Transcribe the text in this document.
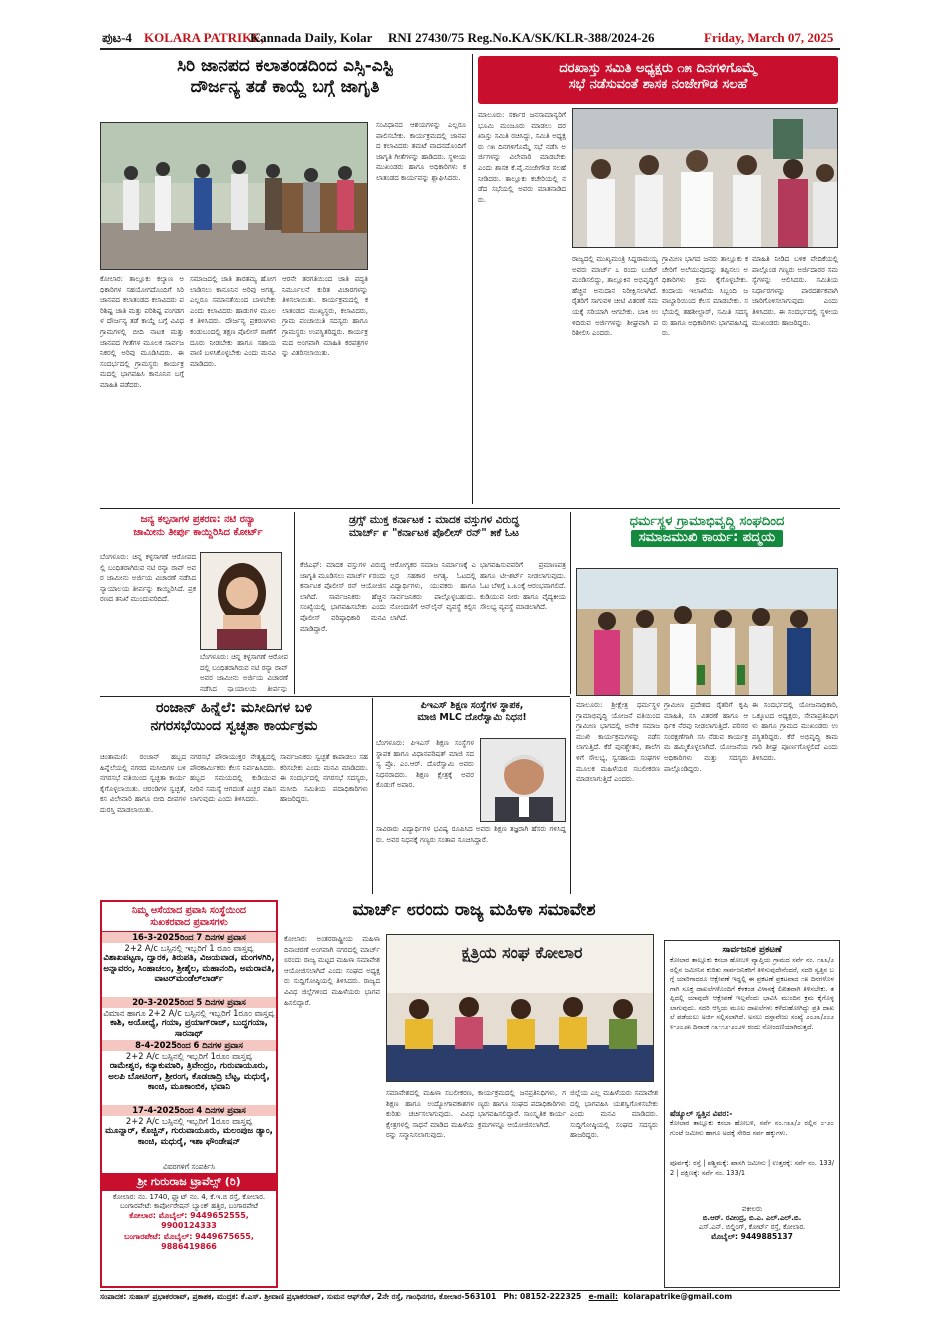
ಪುಟ-4 KOLARA PATRIKE,
Kannada Daily, Kolar RNI 27430/75 Reg.No.KA/SK/KLR-388/2024-26	Friday, March 07, 2025
ಸಿರಿ ಜಾನಪದ ಕಲಾತಂಡದಿಂದ ಎಸ್ಸಿ-ಎಸ್ಟಿ
ದೌರ್ಜನ್ಯ ತಡೆ ಕಾಯ್ದೆ ಬಗ್ಗೆ ಜಾಗೃತಿ
ಕೋಲಾರ: ತಾಲ್ಲೂಕು ಕಲ್ಯಾಣ ಅಧಿಕಾರಿಗಳ ಸಹಯೋಗದೊಂದಿಗೆ ಸಿರಿ ಜಾನಪದ ಕಲಾತಂಡದ ಕಲಾವಿದರು ಪರಿಶಿಷ್ಟ ಜಾತಿ ಮತ್ತು ಪರಿಶಿಷ್ಟ ಪಂಗಡಗಳ ದೌರ್ಜನ್ಯ ತಡೆ ಕಾಯ್ದೆ ಬಗ್ಗೆ ವಿವಿಧ ಗ್ರಾಮಗಳಲ್ಲಿ ಬೀದಿ ನಾಟಕ ಮತ್ತು ಜಾನಪದ ಗೀತೆಗಳ ಮೂಲಕ ಸಾರ್ವಜನಿಕರಲ್ಲಿ ಅರಿವು ಮೂಡಿಸಿದರು. ಈ ಸಂದರ್ಭದಲ್ಲಿ ಗ್ರಾಮಸ್ಥರು ಕಾರ್ಯಕ್ರಮದಲ್ಲಿ ಭಾಗವಹಿಸಿ ಕಾನೂನಿನ ಬಗ್ಗೆ ಮಾಹಿತಿ ಪಡೆದರು.
ಸಮಾಜದಲ್ಲಿ ಜಾತಿ ತಾರತಮ್ಯ ಹೋಗಲಾಡಿಸಲು ಕಾನೂನಿನ ಅರಿವು ಅಗತ್ಯ. ಎಲ್ಲರೂ ಸಮಾನತೆಯಿಂದ ಬಾಳಬೇಕು ಎಂದು ಕಲಾವಿದರು ಹಾಡುಗಳ ಮೂಲಕ ತಿಳಿಸಿದರು. ದೌರ್ಜನ್ಯ ಪ್ರಕರಣಗಳು ಕಂಡುಬಂದಲ್ಲಿ ತಕ್ಷಣ ಪೊಲೀಸ್ ಠಾಣೆಗೆ ದೂರು ನೀಡಬೇಕು ಹಾಗೂ ಸಹಾಯವಾಣಿ ಬಳಸಿಕೊಳ್ಳಬೇಕು ಎಂದು ಮನವಿ ಮಾಡಿದರು.
ಆರನೇ ತರಗತಿಯಿಂದ ಜಾತಿ ಪದ್ಧತಿ ನಿರ್ಮೂಲನೆ ಕುರಿತ ವಿಚಾರಗಳನ್ನು ತಿಳಿಸಲಾಯಿತು. ಕಾರ್ಯಕ್ರಮದಲ್ಲಿ ಕಲಾತಂಡದ ಮುಖ್ಯಸ್ಥರು, ಕಲಾವಿದರು, ಗ್ರಾಮ ಪಂಚಾಯಿತಿ ಸದಸ್ಯರು ಹಾಗೂ ಗ್ರಾಮಸ್ಥರು ಉಪಸ್ಥಿತರಿದ್ದರು. ಕಾರ್ಯಕ್ರಮದ ಅಂಗವಾಗಿ ಮಾಹಿತಿ ಕರಪತ್ರಗಳನ್ನು ವಿತರಿಸಲಾಯಿತು.
ಸಂವಿಧಾನದ ಆಶಯಗಳನ್ನು ಎಲ್ಲರೂ ಪಾಲಿಸಬೇಕು. ಕಾರ್ಯಕ್ರಮದಲ್ಲಿ ಜಾನಪದ ಕಲಾವಿದರು ತಮಟೆ ವಾದನದೊಂದಿಗೆ ಜಾಗೃತಿ ಗೀತೆಗಳನ್ನು ಹಾಡಿದರು. ಸ್ಥಳೀಯ ಮುಖಂಡರು ಹಾಗೂ ಅಧಿಕಾರಿಗಳು ಕಲಾತಂಡದ ಕಾರ್ಯವನ್ನು ಶ್ಲಾಘಿಸಿದರು.
ದರಖಾಸ್ತು ಸಮಿತಿ ಅಧ್ಯಕ್ಷರು ೧೫ ದಿನಗಳಿಗೊಮ್ಮೆ
ಸಭೆ ನಡೆಸುವಂತೆ ಶಾಸಕ ನಂಜೇಗೌಡ ಸಲಹೆ
ಮಾಲೂರು: ಸರ್ಕಾರ ಜನಸಾಮಾನ್ಯರಿಗೆ ಭೂಮಿ ಮಂಜೂರು ಮಾಡಲು ದರಖಾಸ್ತು ಸಮಿತಿ ರಚಿಸಿದ್ದು, ಸಮಿತಿ ಅಧ್ಯಕ್ಷರು ೧೫ ದಿನಗಳಿಗೊಮ್ಮೆ ಸಭೆ ನಡೆಸಿ ಅರ್ಜಿಗಳನ್ನು ವಿಲೇವಾರಿ ಮಾಡಬೇಕು ಎಂದು ಶಾಸಕ ಕೆ.ವೈ.ನಂಜೇಗೌಡ ಸಲಹೆ ನೀಡಿದರು. ತಾಲ್ಲೂಕು ಕಚೇರಿಯಲ್ಲಿ ನಡೆದ ಸಭೆಯಲ್ಲಿ ಅವರು ಮಾತನಾಡಿದರು.
ರಾಜ್ಯದಲ್ಲಿ ಮುಖ್ಯಮಂತ್ರಿ ಸಿದ್ದರಾಮಯ್ಯ ಅವರು ಮಾರ್ಚ್ ೭ ರಂದು ಬಜೆಟ್ ಮಂಡಿಸಲಿದ್ದು, ತಾಲ್ಲೂಕಿನ ಅಭಿವೃದ್ಧಿಗೆ ಹೆಚ್ಚಿನ ಅನುದಾನ ನಿರೀಕ್ಷಿಸಲಾಗಿದೆ. ರೈತರಿಗೆ ಸಾಗುವಳಿ ಚೀಟಿ ವಿತರಣೆ ಸಮಯಕ್ಕೆ ಸರಿಯಾಗಿ ಆಗಬೇಕು. ಬಾಕಿ ಉಳಿದಿರುವ ಅರ್ಜಿಗಳನ್ನು ಶೀಘ್ರವಾಗಿ ಪರಿಶೀಲಿಸಿ ಎಂದರು.
ಗ್ರಾಮೀಣ ಭಾಗದ ಜನರು ತಾಲ್ಲೂಕು ಕಚೇರಿಗೆ ಅಲೆಯುವುದನ್ನು ತಪ್ಪಿಸಲು ಅಧಿಕಾರಿಗಳು ಕ್ರಮ ಕೈಗೊಳ್ಳಬೇಕು. ಕಂದಾಯ ಇಲಾಖೆಯ ಸಿಬ್ಬಂದಿ ಜವಾಬ್ದಾರಿಯಿಂದ ಕೆಲಸ ಮಾಡಬೇಕು. ಸಭೆಯಲ್ಲಿ ತಹಶೀಲ್ದಾರ್, ಸಮಿತಿ ಸದಸ್ಯರು ಹಾಗೂ ಅಧಿಕಾರಿಗಳು ಭಾಗವಹಿಸಿದ್ದರು.
ಮಾಹಿತಿ ನೀಡಿದ ಬಳಿಕ ವೇದಿಕೆಯಲ್ಲಿ ಪಾಲ್ಗೊಂಡ ಗಣ್ಯರು ಅರ್ಜಿದಾರರ ಸಮಸ್ಯೆಗಳನ್ನು ಆಲಿಸಿದರು. ಸಮಿತಿಯ ನಿರ್ಧಾರಗಳನ್ನು ಪಾರದರ್ಶಕವಾಗಿ ಜಾರಿಗೊಳಿಸಲಾಗುವುದು ಎಂದು ತಿಳಿಸಿದರು. ಈ ಸಂದರ್ಭದಲ್ಲಿ ಸ್ಥಳೀಯ ಮುಖಂಡರು ಹಾಜರಿದ್ದರು.
ಜನ್ಯ ಕಲ್ಪನಾಗಳ ಪ್ರಕರಣ: ನಟಿ ರನ್ಯಾ
ಜಾಮೀನು ತೀರ್ಪು ಕಾಯ್ದಿರಿಸಿದ ಕೋರ್ಟ್
ಬೆಂಗಳೂರು: ಚಿನ್ನ ಕಳ್ಳಸಾಗಣೆ ಆರೋಪದಲ್ಲಿ ಬಂಧಿತರಾಗಿರುವ ನಟಿ ರನ್ಯಾ ರಾವ್ ಅವರ ಜಾಮೀನು ಅರ್ಜಿಯ ವಿಚಾರಣೆ ನಡೆಸಿದ ನ್ಯಾಯಾಲಯ ತೀರ್ಪನ್ನು ಕಾಯ್ದಿರಿಸಿದೆ. ಪ್ರಕರಣದ ತನಿಖೆ ಮುಂದುವರಿದಿದೆ.
ಬೆಂಗಳೂರು: ಚಿನ್ನ ಕಳ್ಳಸಾಗಣೆ ಆರೋಪದಲ್ಲಿ ಬಂಧಿತರಾಗಿರುವ ನಟಿ ರನ್ಯಾ ರಾವ್ ಅವರ ಜಾಮೀನು ಅರ್ಜಿಯ ವಿಚಾರಣೆ ನಡೆಸಿದ ನ್ಯಾಯಾಲಯ ತೀರ್ಪನ್ನು
ಡ್ರಗ್ಸ್ ಮುಕ್ತ ಕರ್ನಾಟಕ : ಮಾದಕ ವಸ್ತುಗಳ ವಿರುದ್ಧ
ಮಾರ್ಚ್ ೯ "ಕರ್ನಾಟಕ ಪೊಲೀಸ್ ರನ್" ೫ಕೆ ಓಟ
ಕೆಜಿಎಫ್: ಮಾದಕ ವಸ್ತುಗಳ ವಿರುದ್ಧ ಜಾಗೃತಿ ಮೂಡಿಸಲು ಮಾರ್ಚ್ ೯ರಂದು ಕರ್ನಾಟಕ ಪೊಲೀಸ್ ರನ್ ಆಯೋಜಿಸಲಾಗಿದೆ. ಸಾರ್ವಜನಿಕರು ಹೆಚ್ಚಿನ ಸಂಖ್ಯೆಯಲ್ಲಿ ಭಾಗವಹಿಸಬೇಕು ಎಂದು ಪೊಲೀಸ್ ವರಿಷ್ಠಾಧಿಕಾರಿ ಮನವಿ ಮಾಡಿದ್ದಾರೆ.
ಆರೋಗ್ಯಕರ ಸಮಾಜ ನಿರ್ಮಾಣಕ್ಕೆ ಎಲ್ಲರ ಸಹಕಾರ ಅಗತ್ಯ. ಓಟದಲ್ಲಿ ವಿದ್ಯಾರ್ಥಿಗಳು, ಯುವಕರು ಹಾಗೂ ಸಾರ್ವಜನಿಕರು ಪಾಲ್ಗೊಳ್ಳಬಹುದು. ನೋಂದಣಿಗೆ ಆನ್‌ಲೈನ್ ವ್ಯವಸ್ಥೆ ಕಲ್ಪಿಸಲಾಗಿದೆ.
ಭಾಗವಹಿಸುವವರಿಗೆ ಪ್ರಮಾಣಪತ್ರ ಹಾಗೂ ಟೀ-ಶರ್ಟ್ ನೀಡಲಾಗುವುದು. ಓಟ ಬೆಳಿಗ್ಗೆ ೬.೩೦ಕ್ಕೆ ಆರಂಭವಾಗಲಿದೆ. ಕುಡಿಯುವ ನೀರು ಹಾಗೂ ವೈದ್ಯಕೀಯ ಸೌಲಭ್ಯ ವ್ಯವಸ್ಥೆ ಮಾಡಲಾಗಿದೆ.
ಧರ್ಮಸ್ಥಳ ಗ್ರಾಮಾಭಿವೃದ್ಧಿ ಸಂಘದಿಂದ
ಸಮಾಜಮುಖಿ ಕಾರ್ಯ: ಪದ್ಮಯ
ಮಾಲೂರು: ಶ್ರೀಕ್ಷೇತ್ರ ಧರ್ಮಸ್ಥಳ ಗ್ರಾಮಾಭಿವೃದ್ಧಿ ಯೋಜನೆ ವತಿಯಿಂದ ಗ್ರಾಮೀಣ ಭಾಗದಲ್ಲಿ ಅನೇಕ ಸಮಾಜಮುಖಿ ಕಾರ್ಯಕ್ರಮಗಳನ್ನು ನಡೆಸಲಾಗುತ್ತಿದೆ. ಕೆರೆ ಪುನಶ್ಚೇತನ, ಶಾಲೆಗಳಿಗೆ ಸೌಲಭ್ಯ, ಸ್ವಸಹಾಯ ಸಂಘಗಳ ಮೂಲಕ ಮಹಿಳೆಯರ ಸಬಲೀಕರಣ ಮಾಡಲಾಗುತ್ತಿದೆ ಎಂದರು.
ಗ್ರಾಮೀಣ ಪ್ರದೇಶದ ರೈತರಿಗೆ ಕೃಷಿ ಮಾಹಿತಿ, ಸಸಿ ವಿತರಣೆ ಹಾಗೂ ಆರ್ಥಿಕ ನೆರವು ನೀಡಲಾಗುತ್ತಿದೆ. ಪರಿಸರ ಸಂರಕ್ಷಣೆಗಾಗಿ ಸಸಿ ನೆಡುವ ಕಾರ್ಯಕ್ರಮ ಹಮ್ಮಿಕೊಳ್ಳಲಾಗಿದೆ. ಯೋಜನೆಯ ಅಧಿಕಾರಿಗಳು ಮತ್ತು ಸದಸ್ಯರು ಪಾಲ್ಗೊಂಡಿದ್ದರು.
ಈ ಸಂದರ್ಭದಲ್ಲಿ ಯೋಜನಾಧಿಕಾರಿ, ಒಕ್ಕೂಟದ ಅಧ್ಯಕ್ಷರು, ಸೇವಾಪ್ರತಿನಿಧಿಗಳು ಹಾಗೂ ಗ್ರಾಮದ ಮುಖಂಡರು ಉಪಸ್ಥಿತರಿದ್ದರು. ಕೆರೆ ಅಭಿವೃದ್ಧಿ ಕಾಮಗಾರಿ ಶೀಘ್ರ ಪೂರ್ಣಗೊಳ್ಳಲಿದೆ ಎಂದು ತಿಳಿಸಿದರು.
ರಂಜಾನ್ ಹಿನ್ನೆಲೆ: ಮಸೀದಿಗಳ ಬಳಿ
ನಗರಸಭೆಯಿಂದ ಸ್ವಚ್ಛತಾ ಕಾರ್ಯಕ್ರಮ
ಚಿಂತಾಮಣಿ: ರಂಜಾನ್ ಹಬ್ಬದ ಹಿನ್ನೆಲೆಯಲ್ಲಿ ನಗರದ ಮಸೀದಿಗಳ ಬಳಿ ನಗರಸಭೆ ವತಿಯಿಂದ ಸ್ವಚ್ಛತಾ ಕಾರ್ಯ ಕೈಗೊಳ್ಳಲಾಯಿತು. ಚರಂಡಿಗಳ ಸ್ವಚ್ಛತೆ, ಕಸ ವಿಲೇವಾರಿ ಹಾಗೂ ಬೀದಿ ದೀಪಗಳ ದುರಸ್ತಿ ಮಾಡಲಾಯಿತು.
ನಗರಸಭೆ ಪೌರಾಯುಕ್ತರ ನೇತೃತ್ವದಲ್ಲಿ ಪೌರಕಾರ್ಮಿಕರು ಕೆಲಸ ನಿರ್ವಹಿಸಿದರು. ಹಬ್ಬದ ಸಮಯದಲ್ಲಿ ಕುಡಿಯುವ ನೀರಿನ ಸಮಸ್ಯೆ ಆಗದಂತೆ ಎಚ್ಚರ ವಹಿಸಲಾಗುವುದು ಎಂದು ತಿಳಿಸಿದರು.
ಸಾರ್ವಜನಿಕರು ಸ್ವಚ್ಛತೆ ಕಾಪಾಡಲು ಸಹಕರಿಸಬೇಕು ಎಂದು ಮನವಿ ಮಾಡಿದರು. ಈ ಸಂದರ್ಭದಲ್ಲಿ ನಗರಸಭೆ ಸದಸ್ಯರು, ಮಸೀದಿ ಸಮಿತಿಯ ಪದಾಧಿಕಾರಿಗಳು ಹಾಜರಿದ್ದರು.
ಪಿಇಎಸ್ ಶಿಕ್ಷಣ ಸಂಸ್ಥೆಗಳ ಸ್ಥಾಪಕ,
ಮಾಜಿ MLC ದೊರೆಸ್ವಾಮಿ ನಿಧನ!
ಬೆಂಗಳೂರು: ಪಿಇಎಸ್ ಶಿಕ್ಷಣ ಸಂಸ್ಥೆಗಳ ಸ್ಥಾಪಕ ಹಾಗೂ ವಿಧಾನಪರಿಷತ್ ಮಾಜಿ ಸದಸ್ಯ ಪ್ರೊ. ಎಂ.ಆರ್. ದೊರೆಸ್ವಾಮಿ ಅವರು ನಿಧನರಾದರು. ಶಿಕ್ಷಣ ಕ್ಷೇತ್ರಕ್ಕೆ ಅವರ ಕೊಡುಗೆ ಅಪಾರ.
ಸಾವಿರಾರು ವಿದ್ಯಾರ್ಥಿಗಳ ಭವಿಷ್ಯ ರೂಪಿಸಿದ ಅವರು ಶಿಕ್ಷಣ ತಜ್ಞರಾಗಿ ಹೆಸರು ಗಳಿಸಿದ್ದರು. ಅವರ ನಿಧನಕ್ಕೆ ಗಣ್ಯರು ಸಂತಾಪ ಸೂಚಿಸಿದ್ದಾರೆ.
ನಿಮ್ಮ ಆಸೆಯಾದ ಪ್ರವಾಸಿ ಸಂಸ್ಥೆಯಿಂದ
ಸುಖಕರವಾದ ಪ್ರವಾಸಗಳು
16-3-2025ರಿಂದ 7 ದಿನಗಳ ಪ್ರವಾಸ
2+2 A/c ಬಸ್ಸಿನಲ್ಲಿ ಇಬ್ಬರಿಗೆ 1 ರೂಂ ವಾಸ್ತವ್ಯ
ವಿಶಾಖಪಟ್ಟಣ, ದ್ವಾರಕ, ತಿರುಪತಿ, ವಿಜಯವಾಡ, ಮಂಗಳಗಿರಿ, ಅನ್ನಾವರಂ, ಸಿಂಹಾಚಲಂ, ಶ್ರೀಶೈಲ, ಮಹಾನಂದಿ, ಅಮರಾವತಿ, ವಾಟರ್‌ಮಂಡೆಲ್‌ಲಾರ್ಡ್
20-3-2025ರಿಂದ 5 ದಿನಗಳ ಪ್ರವಾಸ
ವಿಮಾನ ಹಾಗೂ 2+2 A/c ಬಸ್ಸಿನಲ್ಲಿ ಇಬ್ಬರಿಗೆ 1ರೂಂ ವಾಸ್ತವ್ಯ
ಕಾಶಿ, ಅಯೋಧ್ಯೆ, ಗಯಾ, ಪ್ರಯಾಗ್‌ರಾಜ್, ಬುದ್ಧಗಯಾ, ಸಾರನಾಥ್
8-4-2025ರಿಂದ 6 ದಿನಗಳ ಪ್ರವಾಸ
2+2 A/c ಬಸ್ಸಿನಲ್ಲಿ ಇಬ್ಬರಿಗೆ 1ರೂಂ ವಾಸ್ತವ್ಯ
ರಾಮೇಶ್ವರ, ಕನ್ಯಾಕುಮಾರಿ, ತ್ರಿವೇಂದ್ರಂ, ಗುರುವಾಯೂರು, ಅಲಪಿ ಬೋಟಿಂಗ್, ಶ್ರೀರಂಗ, ಕೊಡಚಾದ್ರಿ ಬೆಟ್ಟ, ಮಧುರೈ, ಕಾಂಚಿ, ಮೂಕಾಂಬಿಕ, ಭವಾನಿ
17-4-2025ರಿಂದ 4 ದಿನಗಳ ಪ್ರವಾಸ
2+2 A/c ಬಸ್ಸಿನಲ್ಲಿ ಇಬ್ಬರಿಗೆ 1ರೂಂ ವಾಸ್ತವ್ಯ
ಮೂನ್ನಾರ್, ಕೊಚ್ಚಿನ್, ಗುರುವಾಯೂರು, ಮಲಂಪುಜ ಡ್ಯಾಂ, ಕಾಂಚಿ, ಮಧುರೈ, ಇಶಾ ಫೌಂಡೇಷನ್
ವಿವರಗಳಿಗೆ ಸಂಪರ್ಕಿಸಿ
ಶ್ರೀ ಗುರುರಾಜ ಟ್ರಾವೆಲ್ಸ್ (ರಿ)
ಕೋಲಾರ: ನಂ. 1740, ಫ್ಲ್ಯಾಟ್ ನಂ. 4, ಕೆ.ಇ.ಬಿ ರಸ್ತೆ, ಕೋಲಾರ.
ಬಂಗಾರಪೇಟೆ: ಕಾರ್ಪೋರೇಷನ್ ಬ್ಯಾಂಕ್ ಹತ್ತಿರ, ಬಂಗಾರಪೇಟೆ
ಕೋಲಾರ: ಮೊಬೈಲ್: 9449652555, 9900124333
ಬಂಗಾರಪೇಟೆ: ಮೊಬೈಲ್: 9449675655, 9886419866
ಮಾರ್ಚ್ ೮ರಂದು ರಾಜ್ಯ ಮಹಿಳಾ ಸಮಾವೇಶ
ಕ್ಷತ್ರಿಯ ಸಂಘ ಕೋಲಾರ
ಕೋಲಾರ: ಅಂತರರಾಷ್ಟ್ರೀಯ ಮಹಿಳಾ ದಿನಾಚರಣೆ ಅಂಗವಾಗಿ ನಗರದಲ್ಲಿ ಮಾರ್ಚ್ ೮ರಂದು ರಾಜ್ಯ ಮಟ್ಟದ ಮಹಿಳಾ ಸಮಾವೇಶ ಆಯೋಜಿಸಲಾಗಿದೆ ಎಂದು ಸಂಘದ ಅಧ್ಯಕ್ಷರು ಸುದ್ದಿಗೋಷ್ಠಿಯಲ್ಲಿ ತಿಳಿಸಿದರು. ರಾಜ್ಯದ ವಿವಿಧ ಜಿಲ್ಲೆಗಳಿಂದ ಮಹಿಳೆಯರು ಭಾಗವಹಿಸಲಿದ್ದಾರೆ.
ಸಮಾವೇಶದಲ್ಲಿ ಮಹಿಳಾ ಸಬಲೀಕರಣ, ಶಿಕ್ಷಣ ಹಾಗೂ ಉದ್ಯೋಗಾವಕಾಶಗಳ ಕುರಿತು ಚರ್ಚಿಸಲಾಗುವುದು. ವಿವಿಧ ಕ್ಷೇತ್ರಗಳಲ್ಲಿ ಸಾಧನೆ ಮಾಡಿದ ಮಹಿಳೆಯರನ್ನು ಸನ್ಮಾನಿಸಲಾಗುವುದು.
ಕಾರ್ಯಕ್ರಮದಲ್ಲಿ ಜನಪ್ರತಿನಿಧಿಗಳು, ಗಣ್ಯರು ಹಾಗೂ ಸಂಘದ ಪದಾಧಿಕಾರಿಗಳು ಭಾಗವಹಿಸಲಿದ್ದಾರೆ. ಸಾಂಸ್ಕೃತಿಕ ಕಾರ್ಯಕ್ರಮಗಳನ್ನೂ ಆಯೋಜಿಸಲಾಗಿದೆ.
ಜಿಲ್ಲೆಯ ಎಲ್ಲ ಮಹಿಳೆಯರು ಸಮಾವೇಶದಲ್ಲಿ ಭಾಗವಹಿಸಿ ಯಶಸ್ವಿಗೊಳಿಸಬೇಕು ಎಂದು ಮನವಿ ಮಾಡಿದರು. ಸುದ್ದಿಗೋಷ್ಠಿಯಲ್ಲಿ ಸಂಘದ ಸದಸ್ಯರು ಹಾಜರಿದ್ದರು.
ಸಾರ್ವಜನಿಕ ಪ್ರಕಟಣೆ
ಕೋಲಾರ ತಾಲ್ಲೂಕು ಕಸಬಾ ಹೋಬಳಿ ವ್ಯಾಪ್ತಿಯ ಗ್ರಾಮದ ಸರ್ವೆ ನಂ. ೧೩೩/೨ ರಲ್ಲಿನ ಜಮೀನಿನ ಕುರಿತು ಸಾರ್ವಜನಿಕರಿಗೆ ತಿಳಿಸುವುದೇನೆಂದರೆ, ಸದರಿ ಸ್ವತ್ತಿನ ಬಗ್ಗೆ ಯಾರಿಗಾದರೂ ಆಕ್ಷೇಪಣೆ ಇದ್ದಲ್ಲಿ ಈ ಪ್ರಕಟಣೆ ಪ್ರಕಟವಾದ ೧೫ ದಿನಗಳೊಳಗಾಗಿ ಸೂಕ್ತ ದಾಖಲೆಗಳೊಂದಿಗೆ ಕೆಳಕಂಡ ವಿಳಾಸಕ್ಕೆ ಲಿಖಿತವಾಗಿ ತಿಳಿಸಬೇಕು. ತಪ್ಪಿದಲ್ಲಿ ಯಾವುದೇ ಆಕ್ಷೇಪಣೆ ಇಲ್ಲವೆಂದು ಭಾವಿಸಿ ಮುಂದಿನ ಕ್ರಮ ಕೈಗೊಳ್ಳಲಾಗುವುದು. ಸದರಿ ಆಸ್ತಿಯ ಮೂಲ ದಾಖಲೆಗಳು ಕಳೆದುಹೋಗಿದ್ದು ಪ್ರತಿ ದಾಖಲೆ ಪಡೆಯಲು ಅರ್ಜಿ ಸಲ್ಲಿಸಲಾಗಿದೆ. ಅಸಲು ದಸ್ತಾವೇಜು ಸಂಖ್ಯೆ ೨೦೨೩/೨೦೨೪-೨೦೨೫ ದಿನಾಂಕ ೧೩-೧೨-೨೦೨೪ ರಂದು ನೋಂದಣಿಯಾಗಿರುತ್ತದೆ.
ಷೆಡ್ಯೂಲ್ ಸ್ವತ್ತಿನ ವಿವರ:-
ಕೋಲಾರ ತಾಲ್ಲೂಕು ಕಸಬಾ ಹೋಬಳಿ, ಸರ್ವೆ ನಂ.೧೩೩/೨ ರಲ್ಲಿನ ೦-೨೦ ಗುಂಟೆ ಜಮೀನು ಹಾಗೂ ಅದಕ್ಕೆ ಸೇರಿದ ಸರ್ವ ಹಕ್ಕುಗಳು.
ಪೂರ್ವಕ್ಕೆ: ರಸ್ತೆ | ಪಶ್ಚಿಮಕ್ಕೆ: ಖಾಸಗಿ ಜಮೀನು | ಉತ್ತರಕ್ಕೆ: ಸರ್ವೆ ನಂ. 133/2 | ದಕ್ಷಿಣಕ್ಕೆ: ಸರ್ವೆ ನಂ. 133/1
ವಕೀಲರು
ಬಿ.ಆರ್. ರವೀಂದ್ರ, ಬಿ.ಎ. ಎಲ್.ಎಲ್.ಬಿ.
ಎಸ್.ಎನ್. ಬಿಲ್ಡಿಂಗ್, ಕೋರ್ಟ್ ರಸ್ತೆ, ಕೋಲಾರ.
ಮೊಬೈಲ್: 9449885137
ಸಂಪಾದಕ: ಸುಹಾಸ್ ಪ್ರಭಾಕರರಾವ್, ಪ್ರಕಾಶಕ, ಮುದ್ರಕ: ಕೆ.ಎಸ್. ಶ್ರೀವಾಣಿ ಪ್ರಭಾಕರರಾವ್, ಸುಮನ ಆಫ್‌ಸೆಟ್, 2ನೇ ರಸ್ತೆ, ಗಾಂಧಿನಗರ, ಕೋಲಾರ-563101 Ph: 08152-222325 e-mail: kolarapatrike@gmail.com
